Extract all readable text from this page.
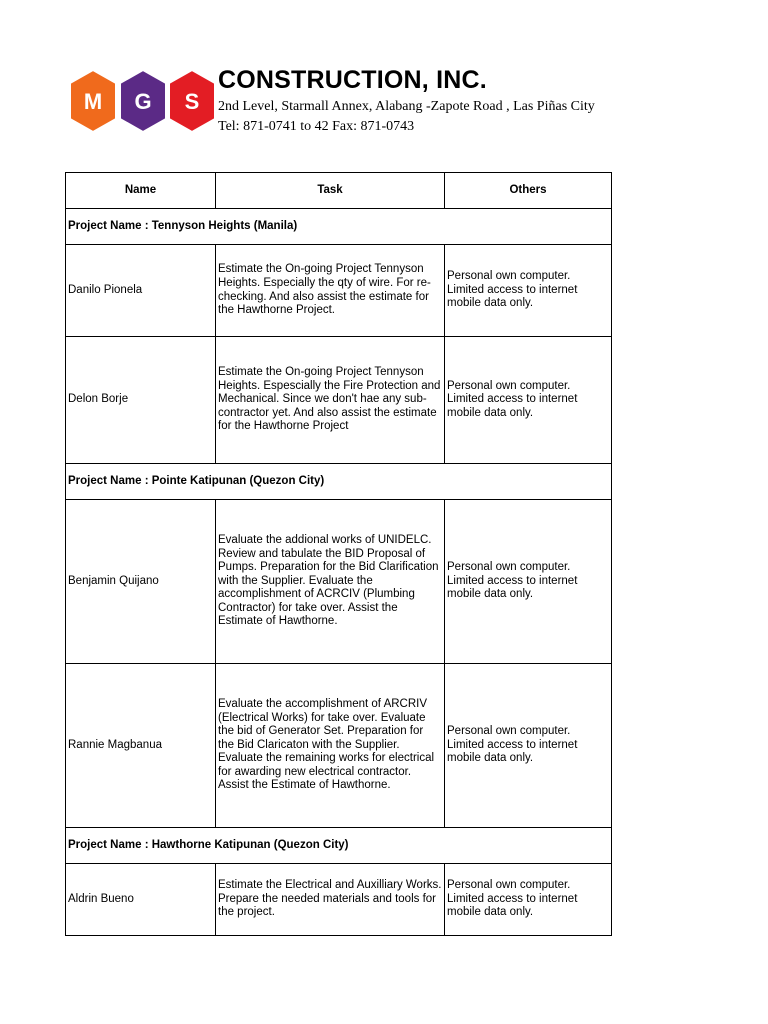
M G S
CONSTRUCTION, INC.
2nd Level, Starmall Annex, Alabang -Zapote Road , Las Piñas City
Tel: 871-0741 to 42 Fax: 871-0743
Name	Task	Others
Project Name : Tennyson Heights (Manila)		
Danilo Pionela	Estimate the On-going Project Tennyson Heights. Especially the qty of wire. For re-checking. And also assist the estimate for the Hawthorne Project.	Personal own computer. Limited access to internet mobile data only.
Delon Borje	Estimate the On-going Project Tennyson Heights. Espescially the Fire Protection and Mechanical. Since we don't hae any sub-contractor yet. And also assist the estimate for the Hawthorne Project	Personal own computer. Limited access to internet mobile data only.
Project Name : Pointe Katipunan (Quezon City)		
Benjamin Quijano	Evaluate the addional works of UNIDELC. Review and tabulate the BID Proposal of Pumps. Preparation for the Bid Clarification with the Supplier. Evaluate the accomplishment of ACRCIV (Plumbing Contractor) for take over. Assist the Estimate of Hawthorne.	Personal own computer. Limited access to internet mobile data only.
Rannie Magbanua	Evaluate the accomplishment of ARCRIV (Electrical Works) for take over. Evaluate the bid of Generator Set. Preparation for the Bid Claricaton with the Supplier. Evaluate the remaining works for electrical for awarding new electrical contractor. Assist the Estimate of Hawthorne.	Personal own computer. Limited access to internet mobile data only.
Project Name : Hawthorne Katipunan (Quezon City)		
Aldrin Bueno	Estimate the Electrical and Auxilliary Works. Prepare the needed materials and tools for the project.	Personal own computer. Limited access to internet mobile data only.
